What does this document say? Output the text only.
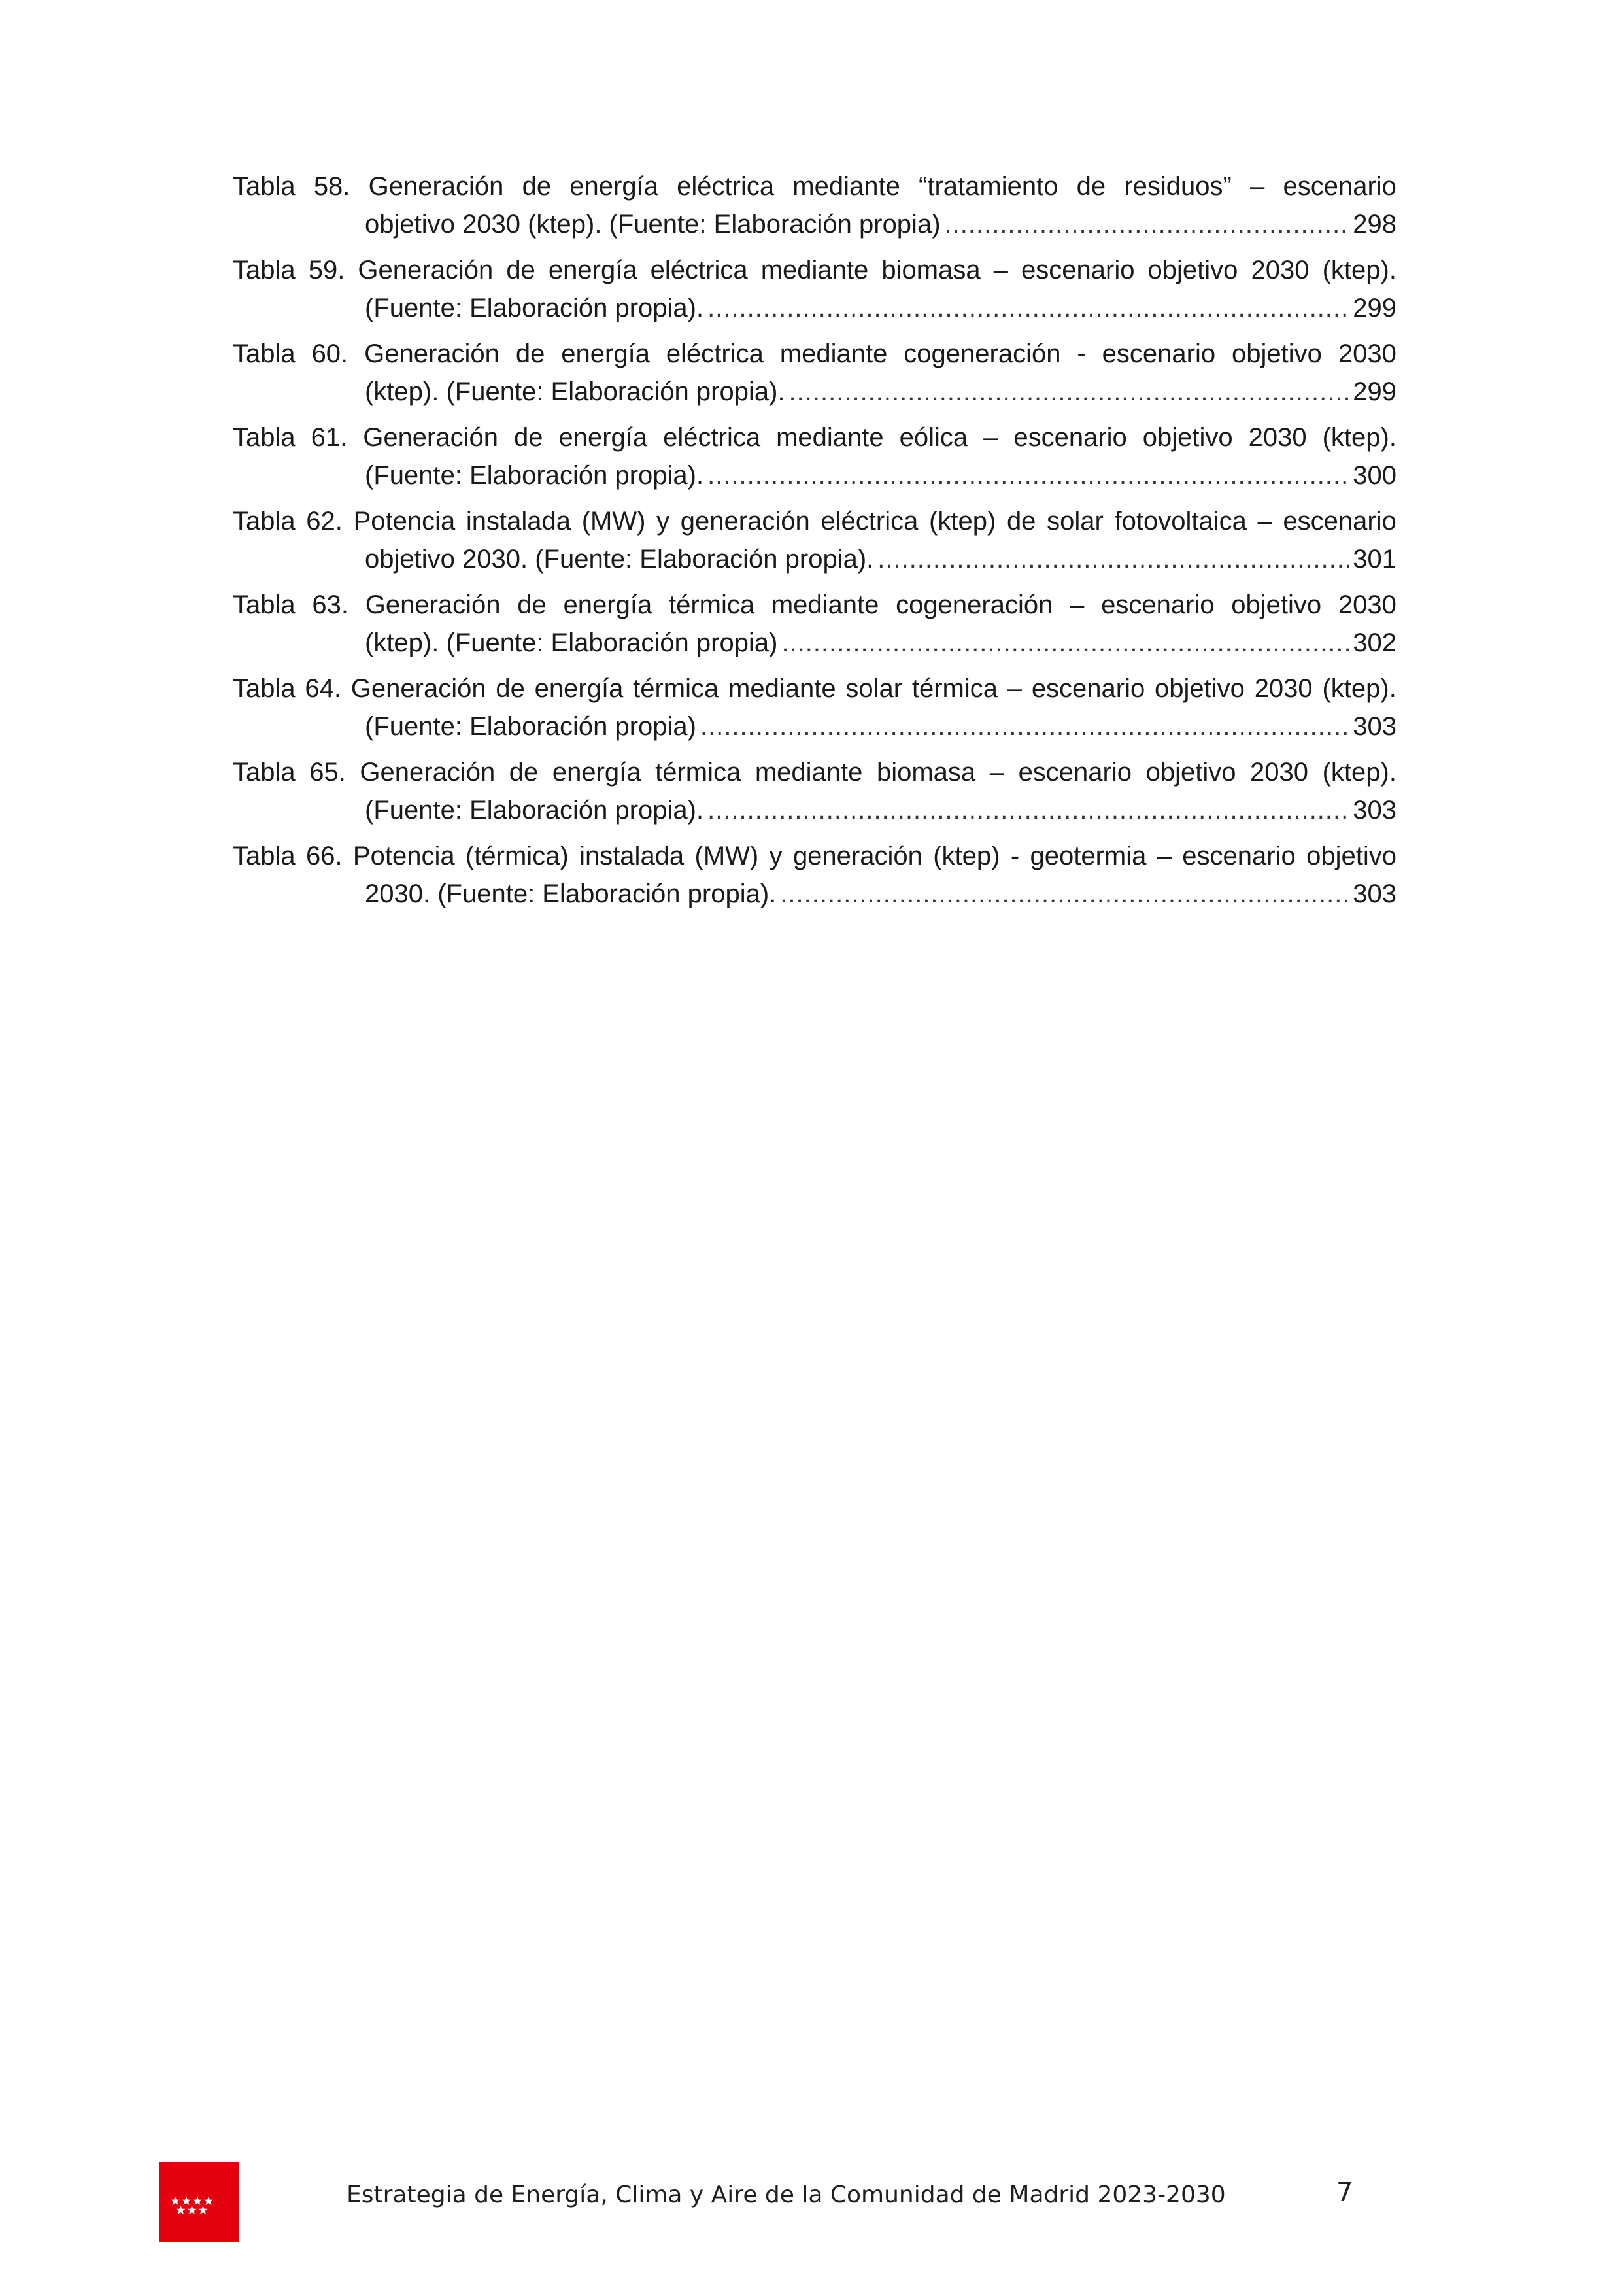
Tabla 58. Generación de energía eléctrica mediante “tratamiento de residuos” – escenario
objetivo 2030 (ktep). (Fuente: Elaboración propia) .....	298
Tabla 59. Generación de energía eléctrica mediante biomasa – escenario objetivo 2030 (ktep).
(Fuente: Elaboración propia). .....	299
Tabla 60. Generación de energía eléctrica mediante cogeneración - escenario objetivo 2030
(ktep). (Fuente: Elaboración propia). .....	299
Tabla 61. Generación de energía eléctrica mediante eólica – escenario objetivo 2030 (ktep).
(Fuente: Elaboración propia). .....	300
Tabla 62. Potencia instalada (MW) y generación eléctrica (ktep) de solar fotovoltaica – escenario
objetivo 2030. (Fuente: Elaboración propia). .....	301
Tabla 63. Generación de energía térmica mediante cogeneración – escenario objetivo 2030
(ktep). (Fuente: Elaboración propia) .....	302
Tabla 64. Generación de energía térmica mediante solar térmica – escenario objetivo 2030 (ktep).
(Fuente: Elaboración propia) .....	303
Tabla 65. Generación de energía térmica mediante biomasa – escenario objetivo 2030 (ktep).
(Fuente: Elaboración propia). .....	303
Tabla 66. Potencia (térmica) instalada (MW) y generación (ktep) - geotermia – escenario objetivo
2030. (Fuente: Elaboración propia). .....	303
Estrategia de Energía, Clima y Aire de la Comunidad de Madrid 2023-2030	7
